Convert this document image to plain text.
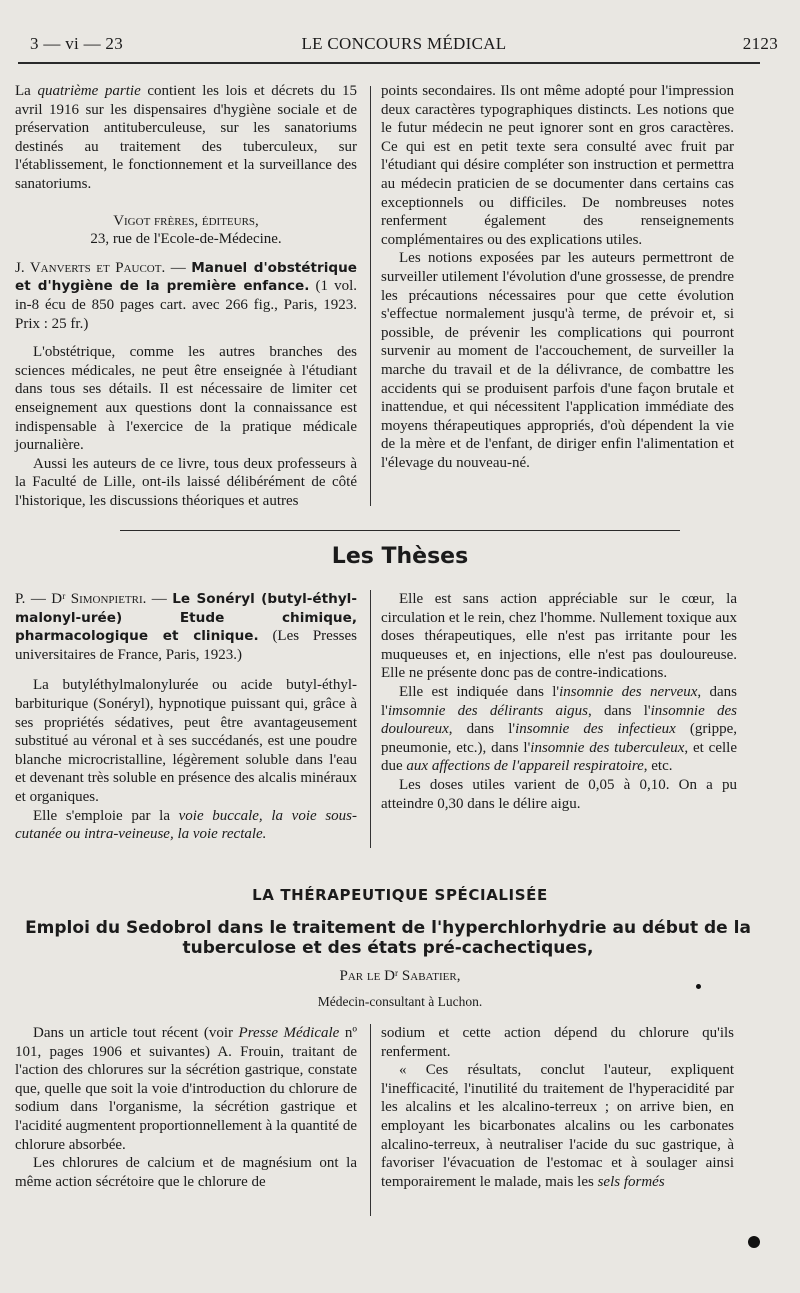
3 — vi — 23	LE CONCOURS MÉDICAL	2123

La quatrième partie contient les lois et décrets du 15 avril 1916 sur les dispensaires d'hygiène sociale et de préservation antituberculeuse, sur les sanatoriums destinés au traitement des tuberculeux, sur l'établissement, le fonctionnement et la surveillance des sanatoriums.

Vigot frères, éditeurs,

23, rue de l'Ecole-de-Médecine.

J. Vanverts et Paucot. — Manuel d'obstétrique et d'hygiène de la première enfance. (1 vol. in-8 écu de 850 pages cart. avec 266 fig., Paris, 1923. Prix : 25 fr.)

L'obstétrique, comme les autres branches des sciences médicales, ne peut être enseignée à l'étudiant dans tous ses détails. Il est nécessaire de limiter cet enseignement aux questions dont la connaissance est indispensable à l'exercice de la pratique médicale journalière.

Aussi les auteurs de ce livre, tous deux professeurs à la Faculté de Lille, ont-ils laissé délibérément de côté l'historique, les discussions théoriques et autres

points secondaires. Ils ont même adopté pour l'impression deux caractères typographiques distincts. Les notions que le futur médecin ne peut ignorer sont en gros caractères. Ce qui est en petit texte sera consulté avec fruit par l'étudiant qui désire compléter son instruction et permettra au médecin praticien de se documenter dans certains cas exceptionnels ou difficiles. De nombreuses notes renferment également des renseignements complémentaires ou des explications utiles.

Les notions exposées par les auteurs permettront de surveiller utilement l'évolution d'une grossesse, de prendre les précautions nécessaires pour que cette évolution s'effectue normalement jusqu'à terme, de prévoir et, si possible, de prévenir les complications qui pourront survenir au moment de l'accouchement, de surveiller la marche du travail et de la délivrance, de combattre les accidents qui se produisent parfois d'une façon brutale et inattendue, et qui nécessitent l'application immédiate des moyens thérapeutiques appropriés, d'où dépendent la vie de la mère et de l'enfant, de diriger enfin l'alimentation et l'élevage du nouveau-né.

Les Thèses

P. — Dʳ Simonpietri. — Le Sonéryl (butyl-éthyl-malonyl-urée) Etude chimique, pharmacologique et clinique. (Les Presses universitaires de France, Paris, 1923.)

La butyléthylmalonylurée ou acide butyl-éthyl-barbiturique (Sonéryl), hypnotique puissant qui, grâce à ses propriétés sédatives, peut être avantageusement substitué au véronal et à ses succédanés, est une poudre blanche microcristalline, légèrement soluble dans l'eau et devenant très soluble en présence des alcalis minéraux et organiques.

Elle s'emploie par la voie buccale, la voie sous-cutanée ou intra-veineuse, la voie rectale.

Elle est sans action appréciable sur le cœur, la circulation et le rein, chez l'homme. Nullement toxique aux doses thérapeutiques, elle n'est pas irritante pour les muqueuses et, en injections, elle n'est pas douloureuse. Elle ne présente donc pas de contre-indications.

Elle est indiquée dans l'insomnie des nerveux, dans l'imsomnie des délirants aigus, dans l'insomnie des douloureux, dans l'insomnie des infectieux (grippe, pneumonie, etc.), dans l'insomnie des tuberculeux, et celle due aux affections de l'appareil respiratoire, etc.

Les doses utiles varient de 0,05 à 0,10. On a pu atteindre 0,30 dans le délire aigu.

LA THÉRAPEUTIQUE SPÉCIALISÉE
Emploi du Sedobrol dans le traitement de l'hyperchlorhydrie au début de la tuberculose et des états pré-cachectiques,
Par le Dʳ Sabatier,
Médecin-consultant à Luchon.

Dans un article tout récent (voir Presse Médicale nº 101, pages 1906 et suivantes) A. Frouin, traitant de l'action des chlorures sur la sécrétion gastrique, constate que, quelle que soit la voie d'introduction du chlorure de sodium dans l'organisme, la sécrétion gastrique et l'acidité augmentent proportionnellement à la quantité de chlorure absorbée.

Les chlorures de calcium et de magnésium ont la même action sécrétoire que le chlorure de

sodium et cette action dépend du chlorure qu'ils renferment.

« Ces résultats, conclut l'auteur, expliquent l'inefficacité, l'inutilité du traitement de l'hyperacidité par les alcalins et les alcalino-terreux ; on arrive bien, en employant les bicarbonates alcalins ou les carbonates alcalino-terreux, à neutraliser l'acide du suc gastrique, à favoriser l'évacuation de l'estomac et à soulager ainsi temporairement le malade, mais les sels formés
